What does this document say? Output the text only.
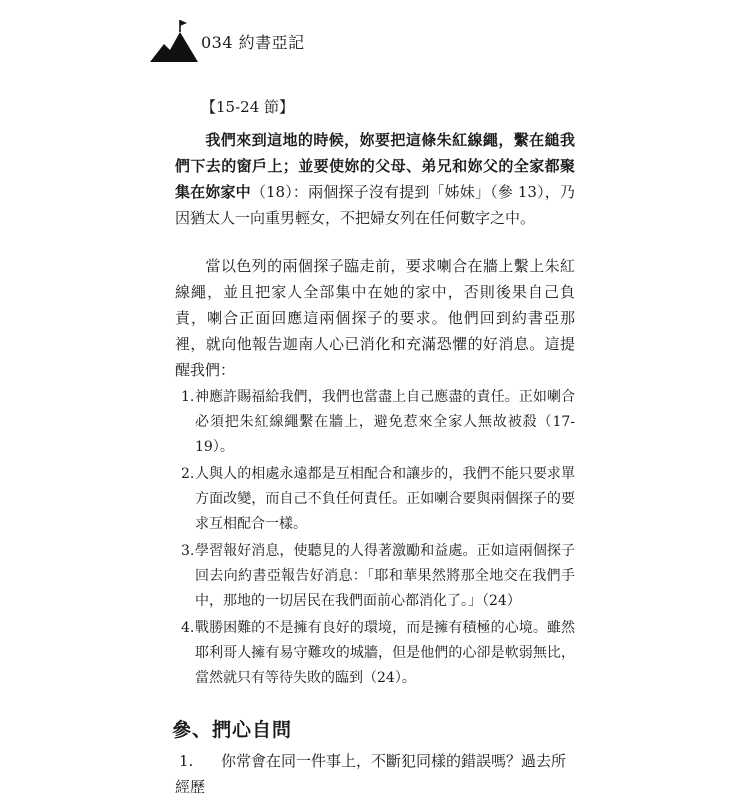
034 約書亞記
【15-24 節】

我們來到這地的時候，妳要把這條朱紅線繩，繫在縋我們下去的窗戶上；並要使妳的父母、弟兄和妳父的全家都聚集在妳家中（18）：兩個探子沒有提到「姊妹」（參 13），乃因猶太人一向重男輕女，不把婦女列在任何數字之中。

當以色列的兩個探子臨走前，要求喇合在牆上繫上朱紅線繩，並且把家人全部集中在她的家中，否則後果自己負責，喇合正面回應這兩個探子的要求。他們回到約書亞那裡，就向他報告迦南人心已消化和充滿恐懼的好消息。這提醒我們：

1. 神應許賜福給我們，我們也當盡上自己應盡的責任。正如喇合必須把朱紅線繩繫在牆上，避免惹來全家人無故被殺（17-19）。
2. 人與人的相處永遠都是互相配合和讓步的，我們不能只要求單方面改變，而自己不負任何責任。正如喇合要與兩個探子的要求互相配合一樣。
3. 學習報好消息，使聽見的人得著激勵和益處。正如這兩個探子回去向約書亞報告好消息：「耶和華果然將那全地交在我們手中，那地的一切居民在我們面前心都消化了。」（24）
4. 戰勝困難的不是擁有良好的環境，而是擁有積極的心境。雖然耶利哥人擁有易守難攻的城牆，但是他們的心卻是軟弱無比，當然就只有等待失敗的臨到（24）。
參、捫心自問
1. 你常會在同一件事上，不斷犯同樣的錯誤嗎？過去所經歷
